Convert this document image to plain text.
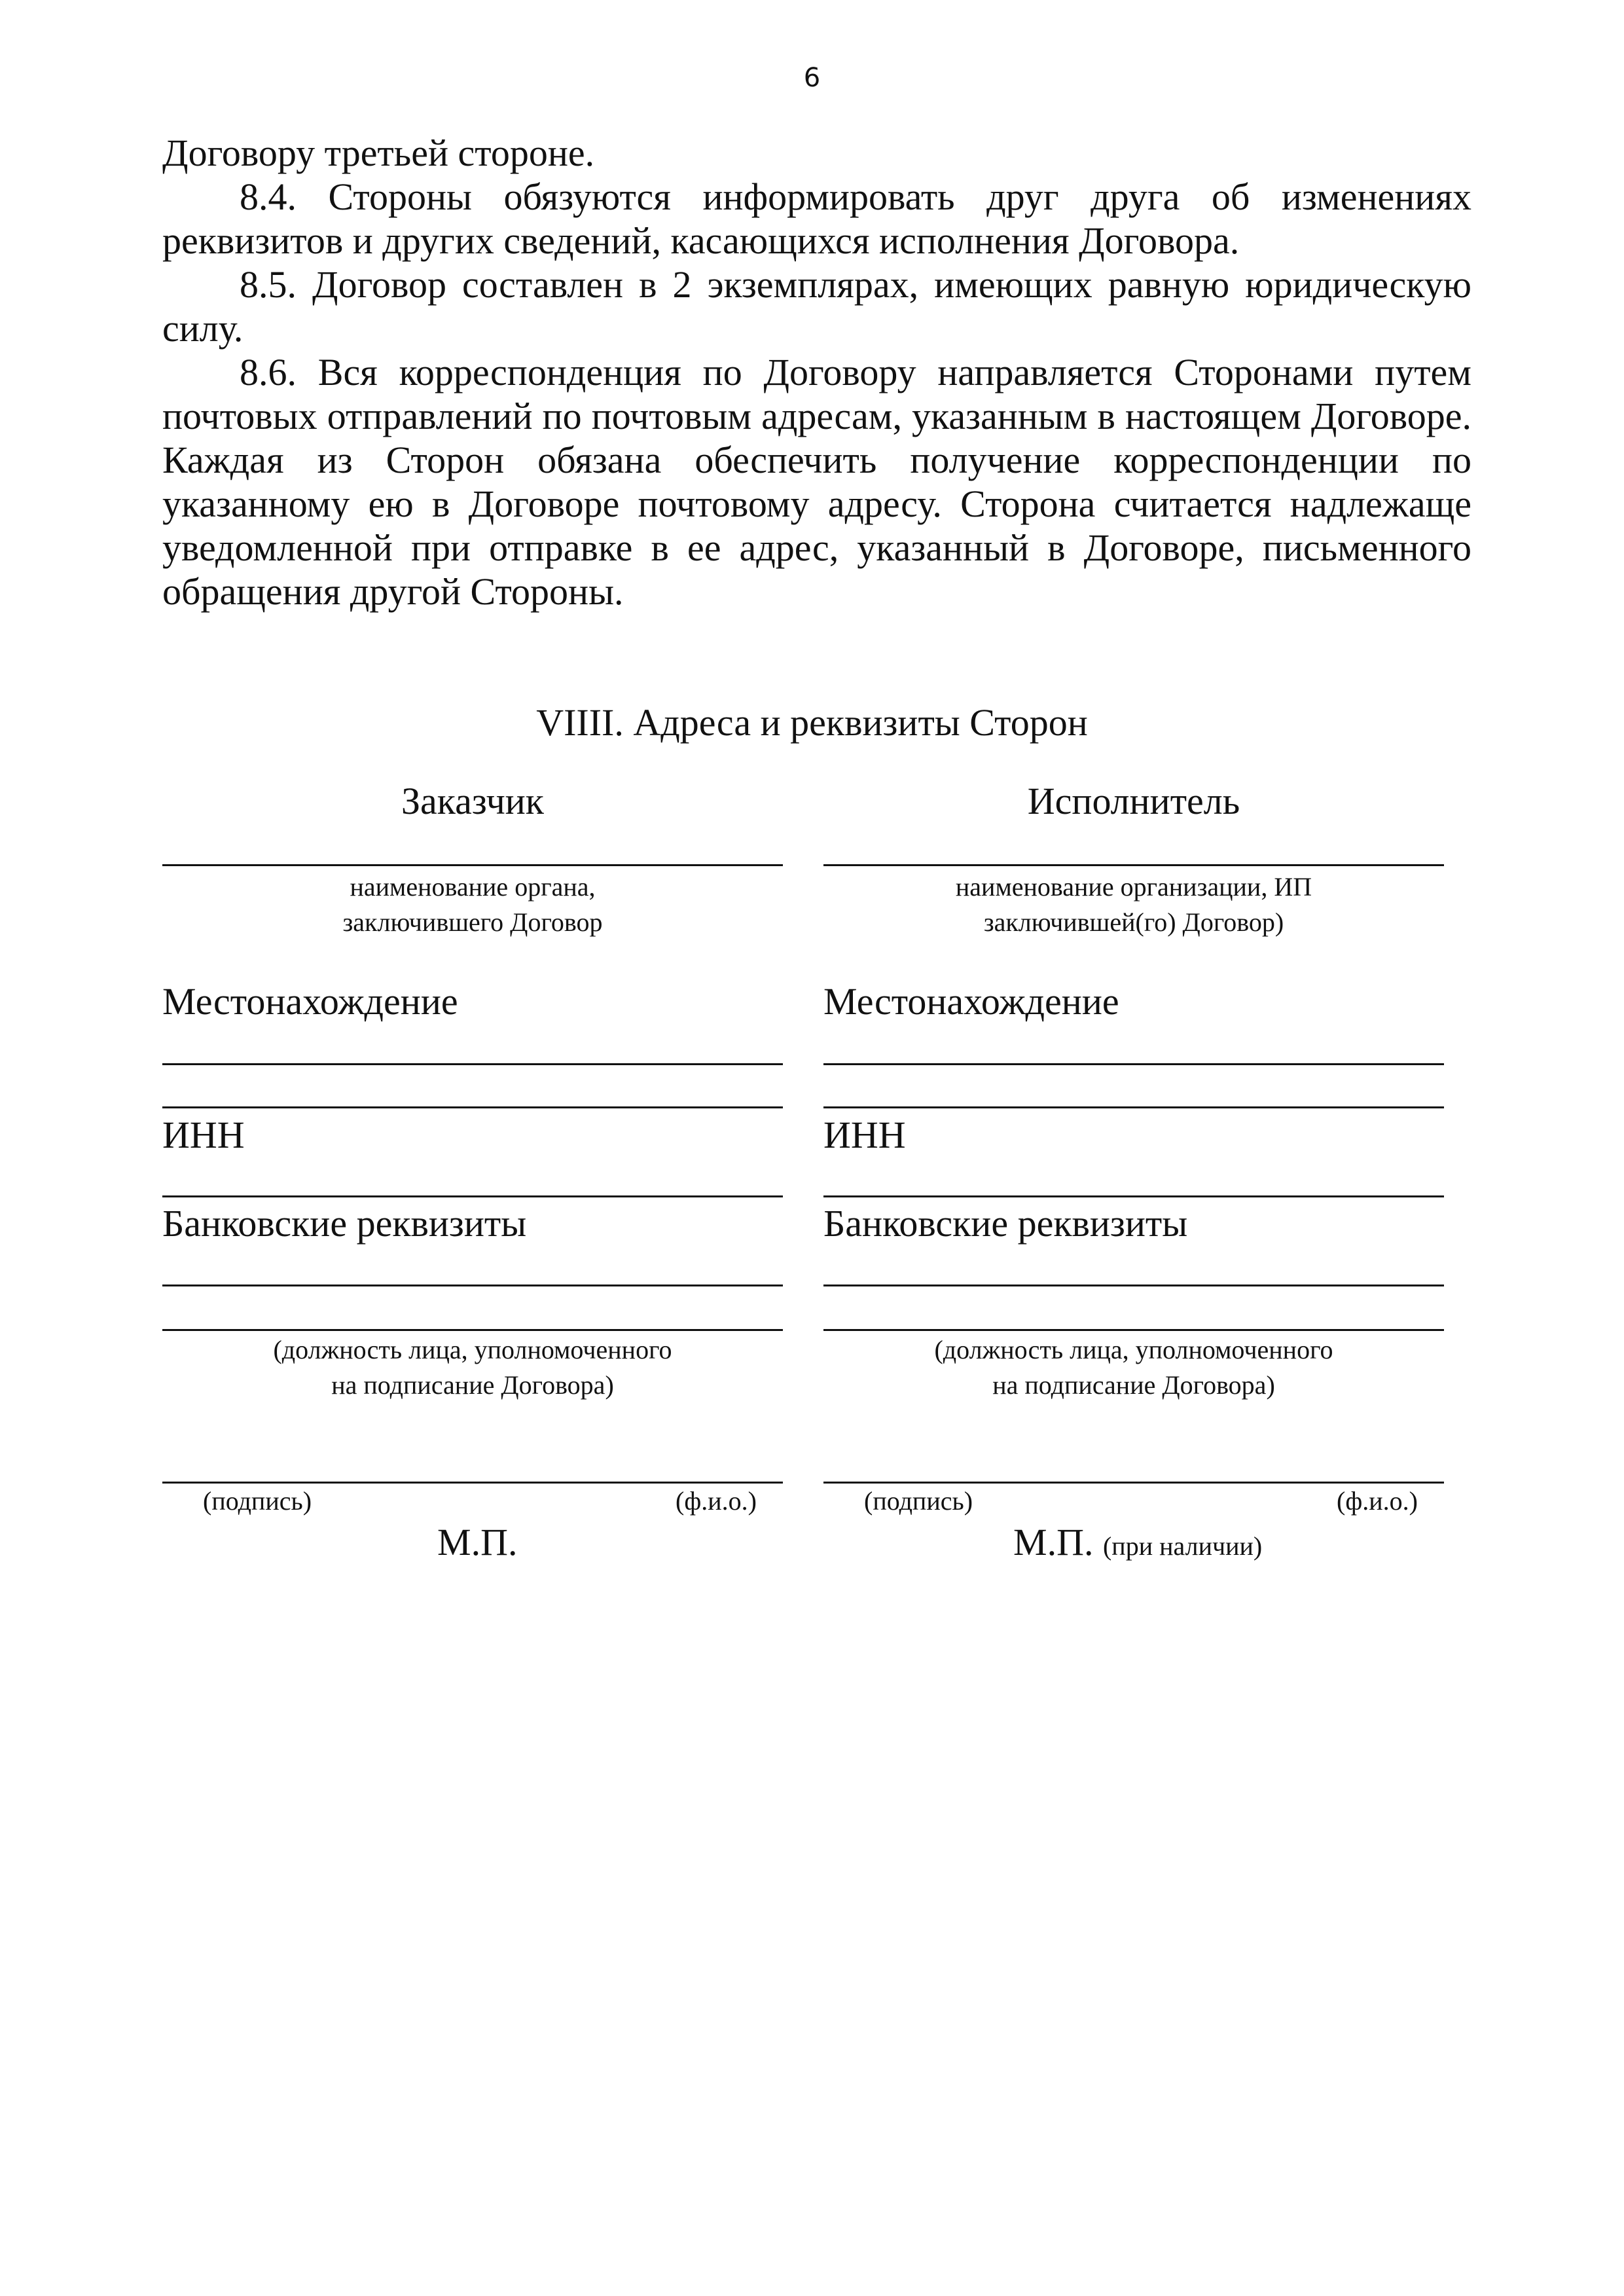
6

Договору третьей стороне.

8.4. Стороны обязуются информировать друг друга об изменениях реквизитов и других сведений, касающихся исполнения Договора.

8.5. Договор составлен в 2 экземплярах, имеющих равную юридическую силу.

8.6. Вся корреспонденция по Договору направляется Сторонами путем почтовых отправлений по почтовым адресам, указанным в настоящем Договоре. Каждая из Сторон обязана обеспечить получение корреспонденции по указанному ею в Договоре почтовому адресу. Сторона считается надлежаще уведомленной при отправке в ее адрес, указанный в Договоре, письменного обращения другой Стороны.

VIIII. Адреса и реквизиты Сторон
Заказчик
наименование органа,
заключившего Договор
Местонахождение
ИНН
Банковские реквизиты
(должность лица, уполномоченного
на подписание Договора)
(подпись)	(ф.и.о.)
М.П.
Исполнитель
наименование организации, ИП
заключившей(го) Договор)
Местонахождение
ИНН
Банковские реквизиты
(должность лица, уполномоченного
на подписание Договора)
(подпись)	(ф.и.о.)
М.П. (при наличии)
